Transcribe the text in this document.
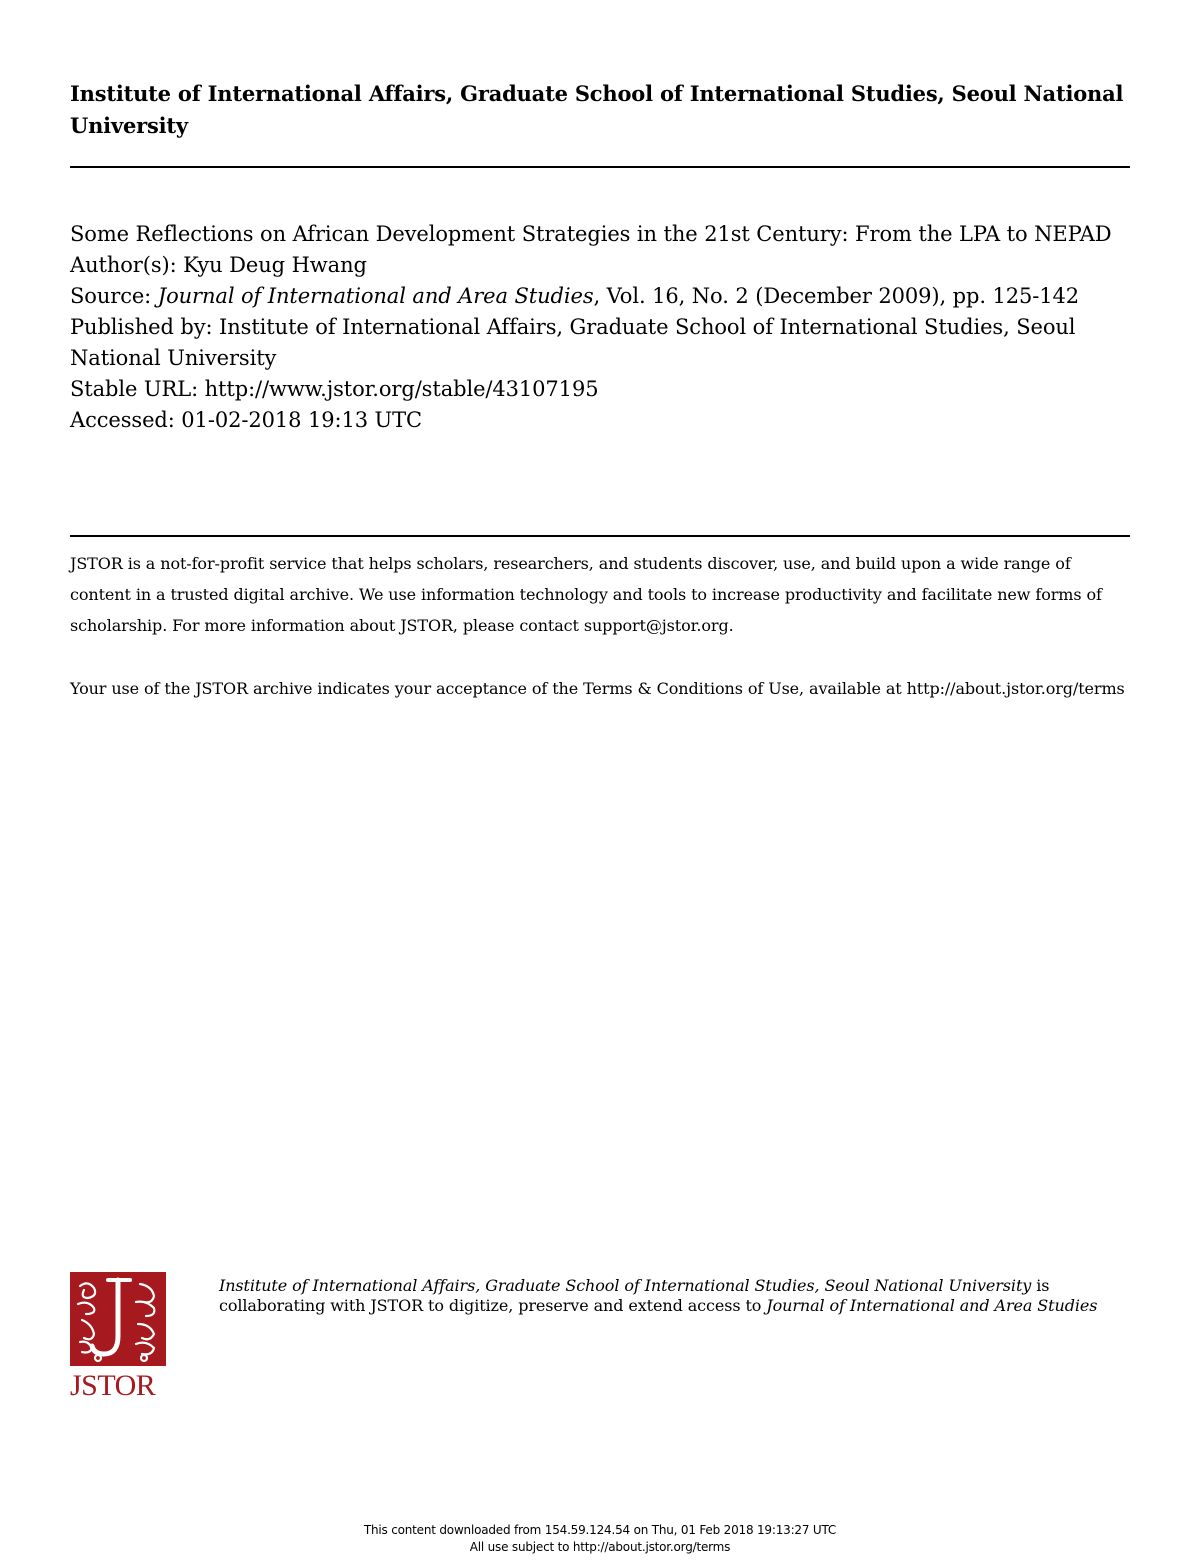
Institute of International Affairs, Graduate School of International Studies, Seoul National University
Some Reflections on African Development Strategies in the 21st Century: From the LPA to NEPAD
Author(s): Kyu Deug Hwang
Source: Journal of International and Area Studies, Vol. 16, No. 2 (December 2009), pp. 125-142
Published by: Institute of International Affairs, Graduate School of International Studies, Seoul National University
Stable URL: http://www.jstor.org/stable/43107195
Accessed: 01-02-2018 19:13 UTC

JSTOR is a not-for-profit service that helps scholars, researchers, and students discover, use, and build upon a wide range of content in a trusted digital archive. We use information technology and tools to increase productivity and facilitate new forms of scholarship. For more information about JSTOR, please contact support@jstor.org.

Your use of the JSTOR archive indicates your acceptance of the Terms & Conditions of Use, available at http://about.jstor.org/terms

JSTOR
Institute of International Affairs, Graduate School of International Studies, Seoul National University is collaborating with JSTOR to digitize, preserve and extend access to Journal of International and Area Studies
This content downloaded from 154.59.124.54 on Thu, 01 Feb 2018 19:13:27 UTC
All use subject to http://about.jstor.org/terms
